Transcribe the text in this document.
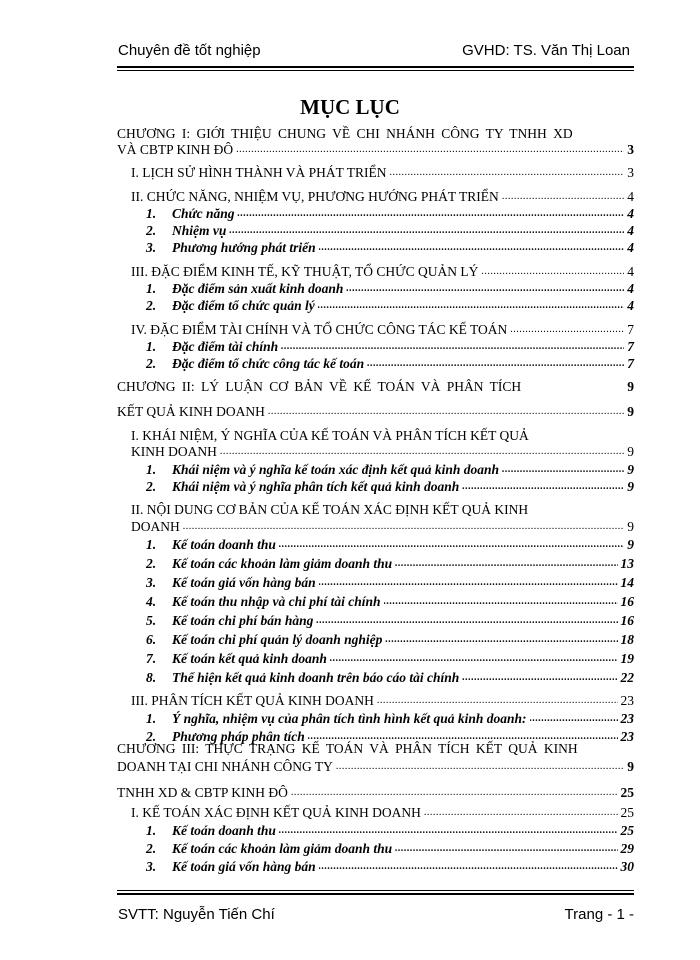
Chuyên đề tốt nghiệp	GVHD: TS. Văn Thị Loan
MỤC LỤC
CHƯƠNG I: GIỚI THIỆU CHUNG VỀ CHI NHÁNH CÔNG TY TNHH XD
VÀ CBTP KINH ĐÔ .....	3
I. LỊCH SỬ HÌNH THÀNH VÀ PHÁT TRIỂN .....	3
II. CHỨC NĂNG, NHIỆM VỤ, PHƯƠNG HƯỚNG PHÁT TRIỂN .....	4
1. Chức năng .....	4
2. Nhiệm vụ .....	4
3. Phương hướng phát triển .....	4
III. ĐẶC ĐIỂM KINH TẾ, KỸ THUẬT, TỔ CHỨC QUẢN LÝ .....	4
1. Đặc điểm sản xuất kinh doanh .....	4
2. Đặc điểm tổ chức quản lý .....	4
IV. ĐẶC ĐIỂM TÀI CHÍNH VÀ TỔ CHỨC CÔNG TÁC KẾ TOÁN .....	7
1. Đặc điểm tài chính .....	7
2. Đặc điểm tổ chức công tác kế toán .....	7
CHƯƠNG II: LÝ LUẬN CƠ BẢN VỀ KẾ TOÁN VÀ PHÂN TÍCH	9
KẾT QUẢ KINH DOANH .....	9
I. KHÁI NIỆM, Ý NGHĨA CỦA KẾ TOÁN VÀ PHÂN TÍCH KẾT QUẢ
KINH DOANH .....	9
1. Khái niệm và ý nghĩa kế toán xác định kết quả kinh doanh .....	9
2. Khái niệm và ý nghĩa phân tích kết quả kinh doanh .....	9
II. NỘI DUNG CƠ BẢN CỦA KẾ TOÁN XÁC ĐỊNH KẾT QUẢ KINH
DOANH .....	9
1. Kế toán doanh thu .....	9
2. Kế toán các khoản làm giảm doanh thu .....	13
3. Kế toán giá vốn hàng bán .....	14
4. Kế toán thu nhập và chi phí tài chính .....	16
5. Kế toán chi phí bán hàng .....	16
6. Kế toán chi phí quản lý doanh nghiệp .....	18
7. Kế toán kết quả kinh doanh .....	19
8. Thể hiện kết quả kinh doanh trên báo cáo tài chính .....	22
III. PHÂN TÍCH KẾT QUẢ KINH DOANH .....	23
1. Ý nghĩa, nhiệm vụ của phân tích tình hình kết quả kinh doanh: .....	23
2. Phương pháp phân tích .....	23
CHƯƠNG III: THỰC TRẠNG KẾ TOÁN VÀ PHÂN TÍCH KẾT QUẢ KINH
DOANH TẠI CHI NHÁNH CÔNG TY .....	9
TNHH XD & CBTP KINH ĐÔ .....	25
I. KẾ TOÁN XÁC ĐỊNH KẾT QUẢ KINH DOANH .....	25
1. Kế toán doanh thu .....	25
2. Kế toán các khoản làm giảm doanh thu .....	29
3. Kế toán giá vốn hàng bán .....	30
SVTT: Nguyễn Tiến Chí	Trang - 1 -
